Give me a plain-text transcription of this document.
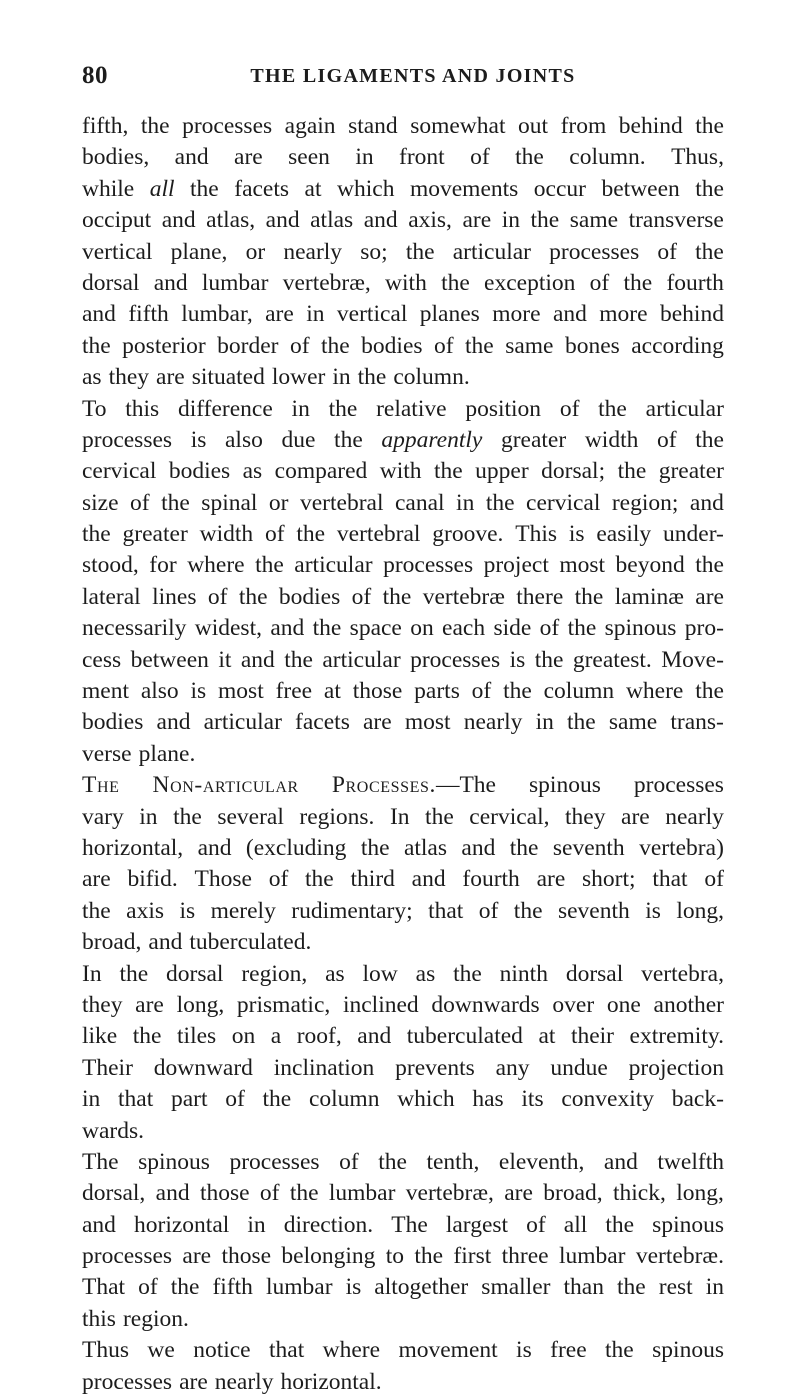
80	THE LIGAMENTS AND JOINTS
fifth, the processes again stand somewhat out from behind the
bodies, and are seen in front of the column. Thus,
while all the facets at which movements occur between the
occiput and atlas, and atlas and axis, are in the same transverse
vertical plane, or nearly so; the articular processes of the
dorsal and lumbar vertebræ, with the exception of the fourth
and fifth lumbar, are in vertical planes more and more behind
the posterior border of the bodies of the same bones according
as they are situated lower in the column.
To this difference in the relative position of the articular
processes is also due the apparently greater width of the
cervical bodies as compared with the upper dorsal; the greater
size of the spinal or vertebral canal in the cervical region; and
the greater width of the vertebral groove. This is easily under-
stood, for where the articular processes project most beyond the
lateral lines of the bodies of the vertebræ there the laminæ are
necessarily widest, and the space on each side of the spinous pro-
cess between it and the articular processes is the greatest. Move-
ment also is most free at those parts of the column where the
bodies and articular facets are most nearly in the same trans-
verse plane.
The Non-articular Processes.—The spinous processes
vary in the several regions. In the cervical, they are nearly
horizontal, and (excluding the atlas and the seventh vertebra)
are bifid. Those of the third and fourth are short; that of
the axis is merely rudimentary; that of the seventh is long,
broad, and tuberculated.
In the dorsal region, as low as the ninth dorsal vertebra,
they are long, prismatic, inclined downwards over one another
like the tiles on a roof, and tuberculated at their extremity.
Their downward inclination prevents any undue projection
in that part of the column which has its convexity back-
wards.
The spinous processes of the tenth, eleventh, and twelfth
dorsal, and those of the lumbar vertebræ, are broad, thick, long,
and horizontal in direction. The largest of all the spinous
processes are those belonging to the first three lumbar vertebræ.
That of the fifth lumbar is altogether smaller than the rest in
this region.
Thus we notice that where movement is free the spinous
processes are nearly horizontal.
